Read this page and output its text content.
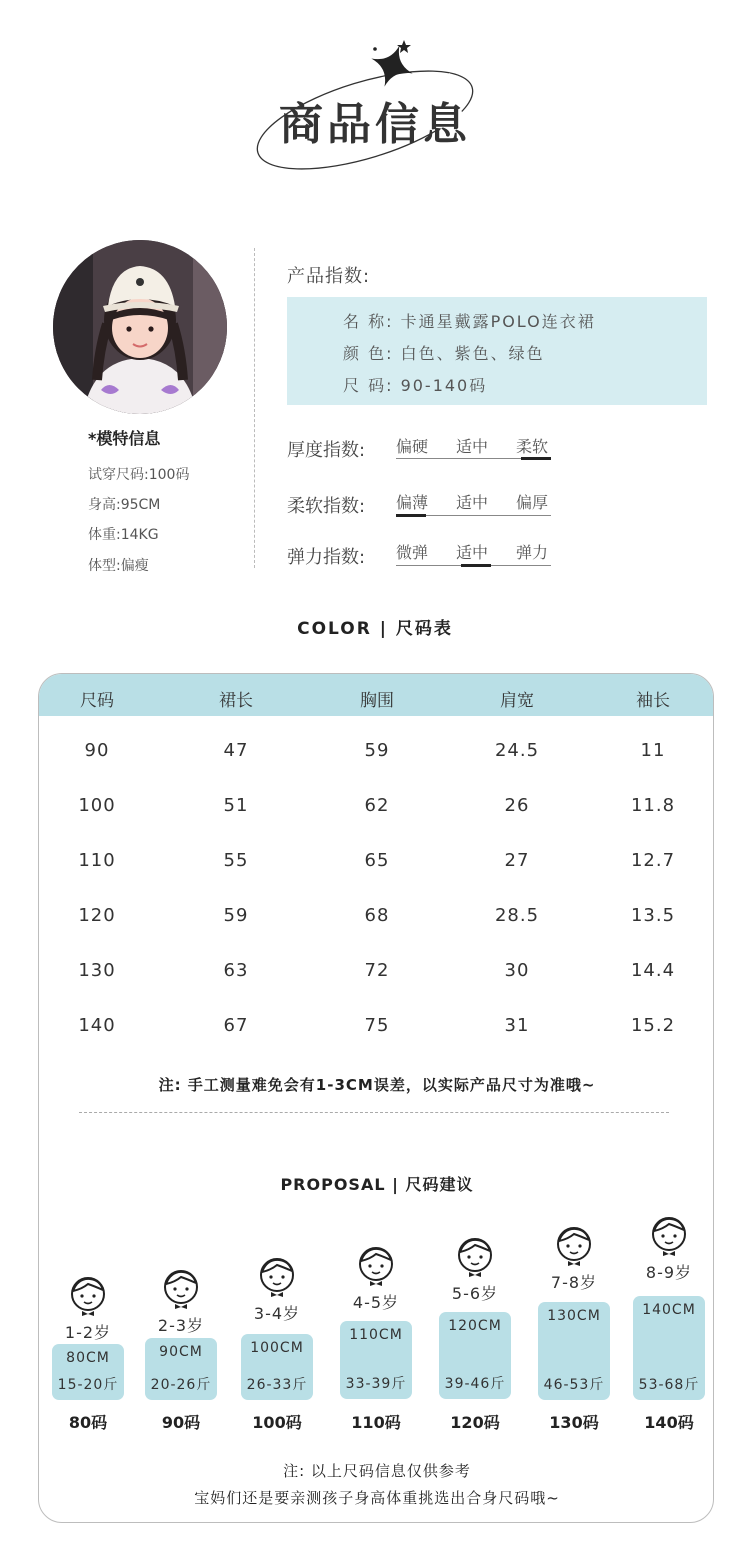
商品信息
*模特信息
试穿尺码:100码
身高:95CM
体重:14KG
体型:偏瘦
产品指数:
名 称: 卡通星戴露POLO连衣裙
颜 色: 白色、紫色、绿色
尺 码: 90-140码
厚度指数: 偏硬 适中 柔软
柔软指数: 偏薄 适中 偏厚
弹力指数: 微弹 适中 弹力
COLOR | 尺码表
尺码	裙长	胸围	肩宽	袖长
90	47	59	24.5	11
100	51	62	26	11.8
110	55	65	27	12.7
120	59	68	28.5	13.5
130	63	72	30	14.4
140	67	75	31	15.2
注: 手工测量难免会有1-3CM误差，以实际产品尺寸为准哦~
PROPOSAL | 尺码建议
1-2岁
80CM
15-20斤
80码
2-3岁
90CM
20-26斤
90码
3-4岁
100CM
26-33斤
100码
4-5岁
110CM
33-39斤
110码
5-6岁
120CM
39-46斤
120码
7-8岁
130CM
46-53斤
130码
8-9岁
140CM
53-68斤
140码
注: 以上尺码信息仅供参考
宝妈们还是要亲测孩子身高体重挑选出合身尺码哦~
